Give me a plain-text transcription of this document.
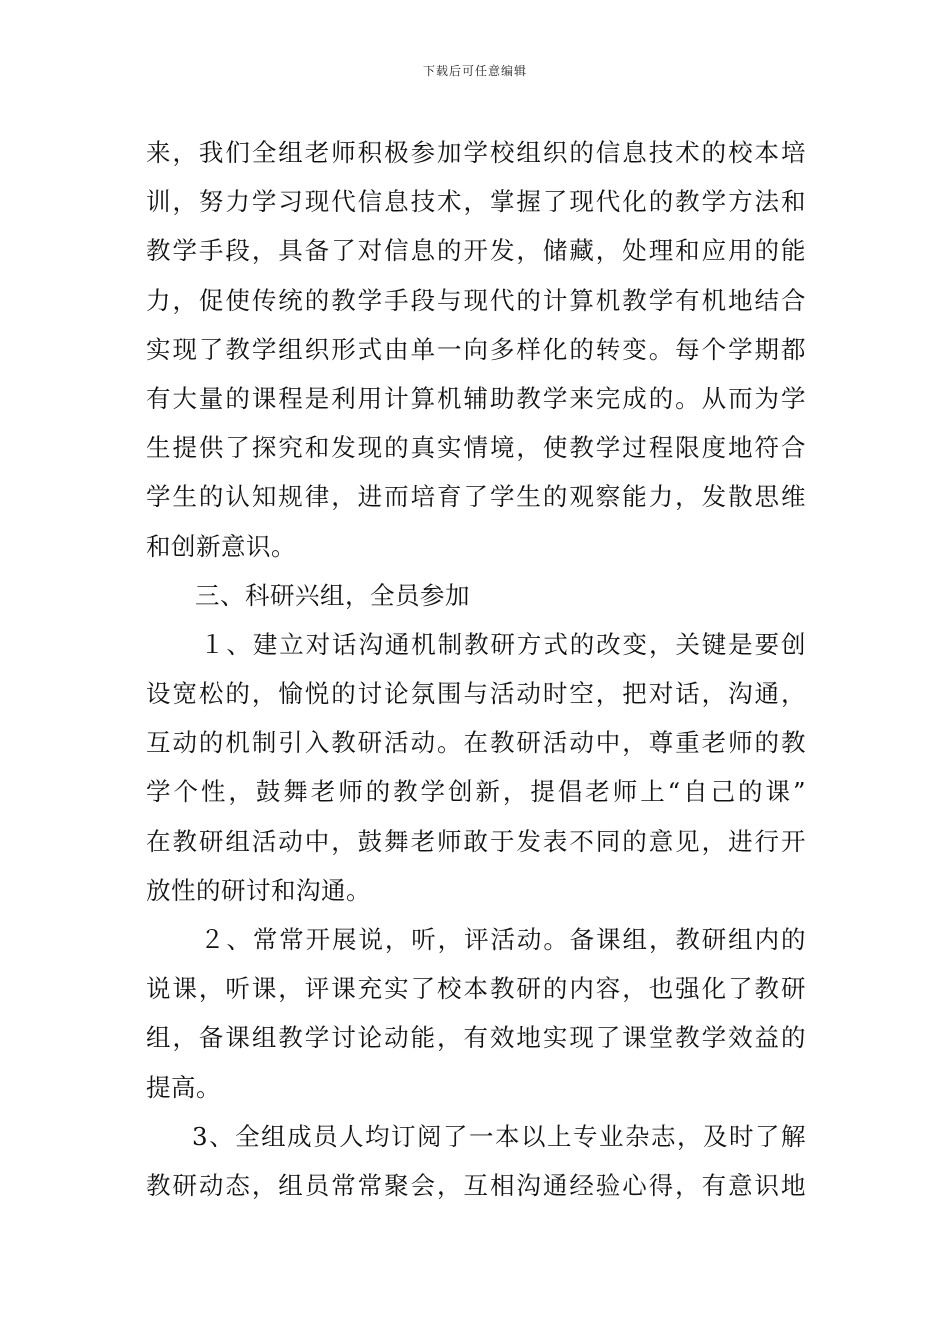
下载后可任意编辑
来，我们全组老师积极参加学校组织的信息技术的校本培
训，努力学习现代信息技术，掌握了现代化的教学方法和
教学手段，具备了对信息的开发，储藏，处理和应用的能
力，促使传统的教学手段与现代的计算机教学有机地结合
实现了教学组织形式由单一向多样化的转变。每个学期都
有大量的课程是利用计算机辅助教学来完成的。从而为学
生提供了探究和发现的真实情境，使教学过程限度地符合
学生的认知规律，进而培育了学生的观察能力，发散思维
和创新意识。
三、科研兴组，全员参加
１、建立对话沟通机制教研方式的改变，关键是要创
设宽松的，愉悦的讨论氛围与活动时空，把对话，沟通，
互动的机制引入教研活动。在教研活动中，尊重老师的教
学个性，鼓舞老师的教学创新，提倡老师上“自己的课”
在教研组活动中，鼓舞老师敢于发表不同的意见，进行开
放性的研讨和沟通。
２、常常开展说，听，评活动。备课组，教研组内的
说课，听课，评课充实了校本教研的内容，也强化了教研
组，备课组教学讨论动能，有效地实现了课堂教学效益的
提高。
3、全组成员人均订阅了一本以上专业杂志，及时了解
教研动态，组员常常聚会，互相沟通经验心得，有意识地
